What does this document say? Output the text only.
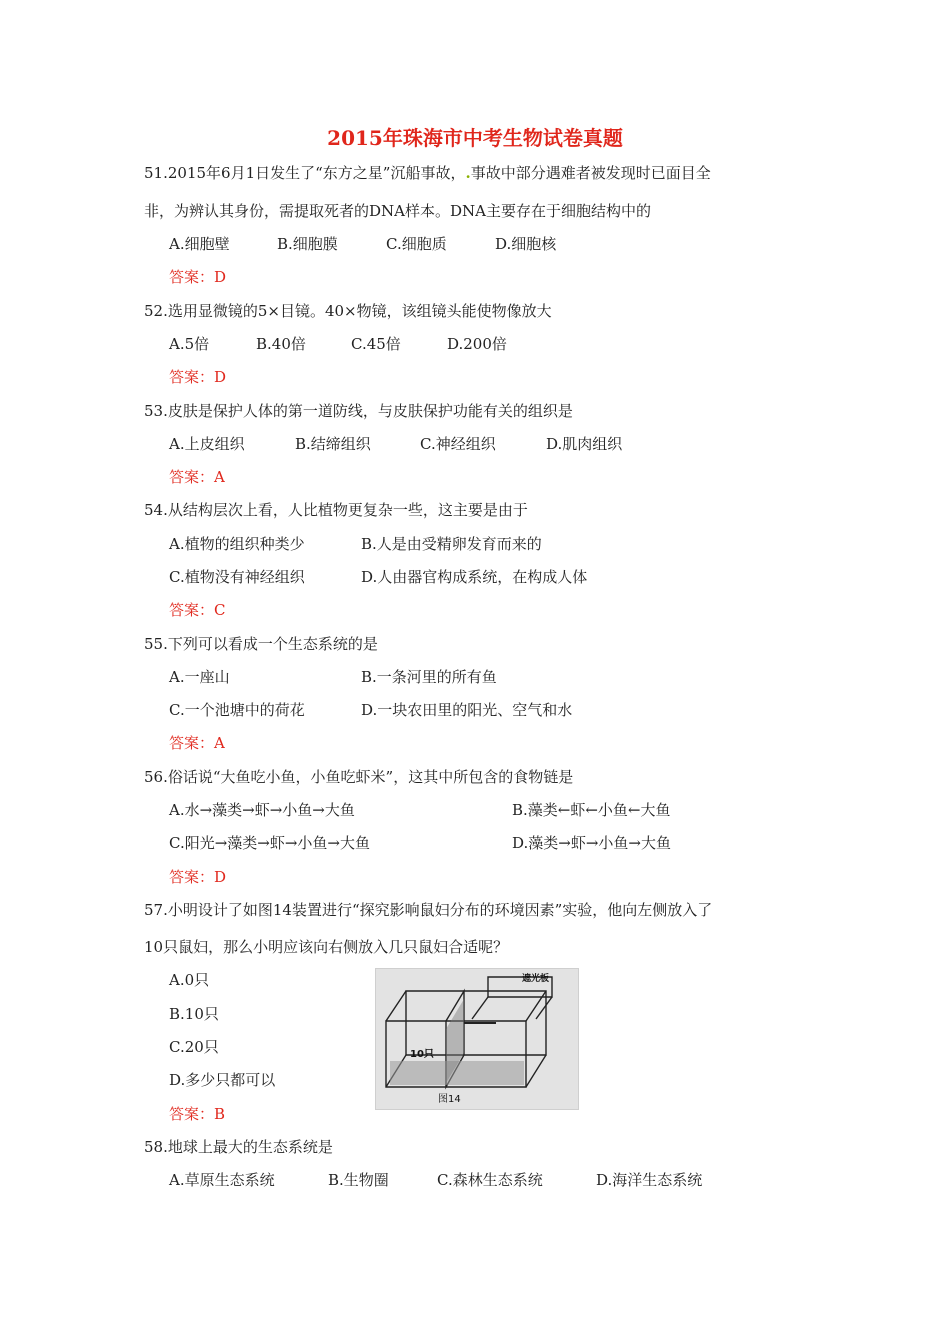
2015年珠海市中考生物试卷真题
51.2015年6月1日发生了“东方之星”沉船事故，.事故中部分遇难者被发现时已面目全
非，为辨认其身份，需提取死者的DNA样本。DNA主要存在于细胞结构中的
A.细胞壁	B.细胞膜	C.细胞质	D.细胞核
答案：D
52.选用显微镜的5×目镜。40×物镜，该组镜头能使物像放大
A.5倍	B.40倍	C.45倍	D.200倍
答案：D
53.皮肤是保护人体的第一道防线，与皮肤保护功能有关的组织是
A.上皮组织	B.结缔组织	C.神经组织	D.肌肉组织
答案：A
54.从结构层次上看，人比植物更复杂一些，这主要是由于
A.植物的组织种类少	B.人是由受精卵发育而来的
C.植物没有神经组织	D.人由器官构成系统，在构成人体
答案：C
55.下列可以看成一个生态系统的是
A.一座山	B.一条河里的所有鱼
C.一个池塘中的荷花	D.一块农田里的阳光、空气和水
答案：A
56.俗话说“大鱼吃小鱼，小鱼吃虾米”，这其中所包含的食物链是
A.水→藻类→虾→小鱼→大鱼	B.藻类←虾←小鱼←大鱼
C.阳光→藻类→虾→小鱼→大鱼	D.藻类→虾→小鱼→大鱼
答案：D
57.小明设计了如图14装置进行“探究影响鼠妇分布的环境因素”实验，他向左侧放入了
10只鼠妇，那么小明应该向右侧放入几只鼠妇合适呢？
A.0只
B.10只
C.20只
D.多少只都可以
答案：B
遮光板
10只
图14
58.地球上最大的生态系统是
A.草原生态系统	B.生物圈	C.森林生态系统	D.海洋生态系统
